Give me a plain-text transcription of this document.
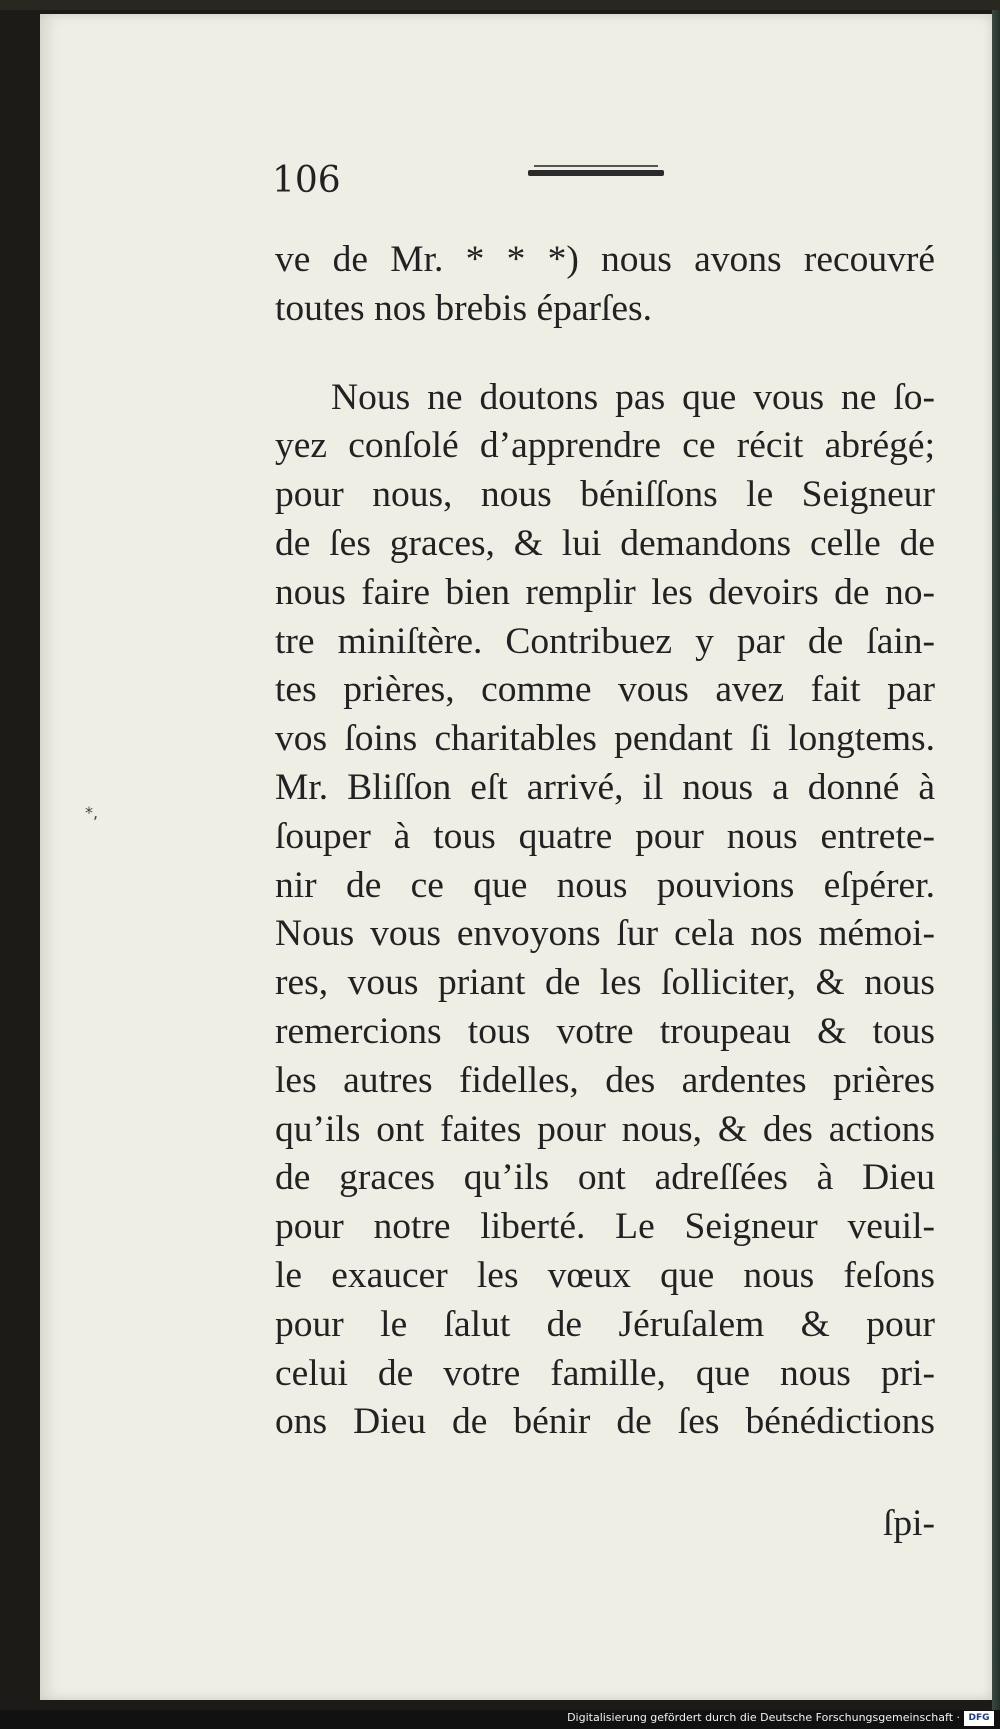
*,
106
ve de Mr. * * *) nous avons recouvré
toutes nos brebis éparſes.
Nous ne doutons pas que vous ne ſo-
yez conſolé d’apprendre ce récit abrégé;
pour nous, nous béniſſons le Seigneur
de ſes graces, & lui demandons celle de
nous faire bien remplir les devoirs de no-
tre miniſtère. Contribuez y par de ſain-
tes prières, comme vous avez fait par
vos ſoins charitables pendant ſi longtems.
Mr. Bliſſon eſt arrivé, il nous a donné à
ſouper à tous quatre pour nous entrete-
nir de ce que nous pouvions eſpérer.
Nous vous envoyons ſur cela nos mémoi-
res, vous priant de les ſolliciter, & nous
remercions tous votre troupeau & tous
les autres fidelles, des ardentes prières
qu’ils ont faites pour nous, & des actions
de graces qu’ils ont adreſſées à Dieu
pour notre liberté. Le Seigneur veuil-
le exaucer les vœux que nous feſons
pour le ſalut de Jéruſalem & pour
celui de votre famille, que nous pri-
ons Dieu de bénir de ſes bénédictions
ſpi-
Digitalisierung gefördert durch die Deutsche Forschungsgemeinschaft · DFG
